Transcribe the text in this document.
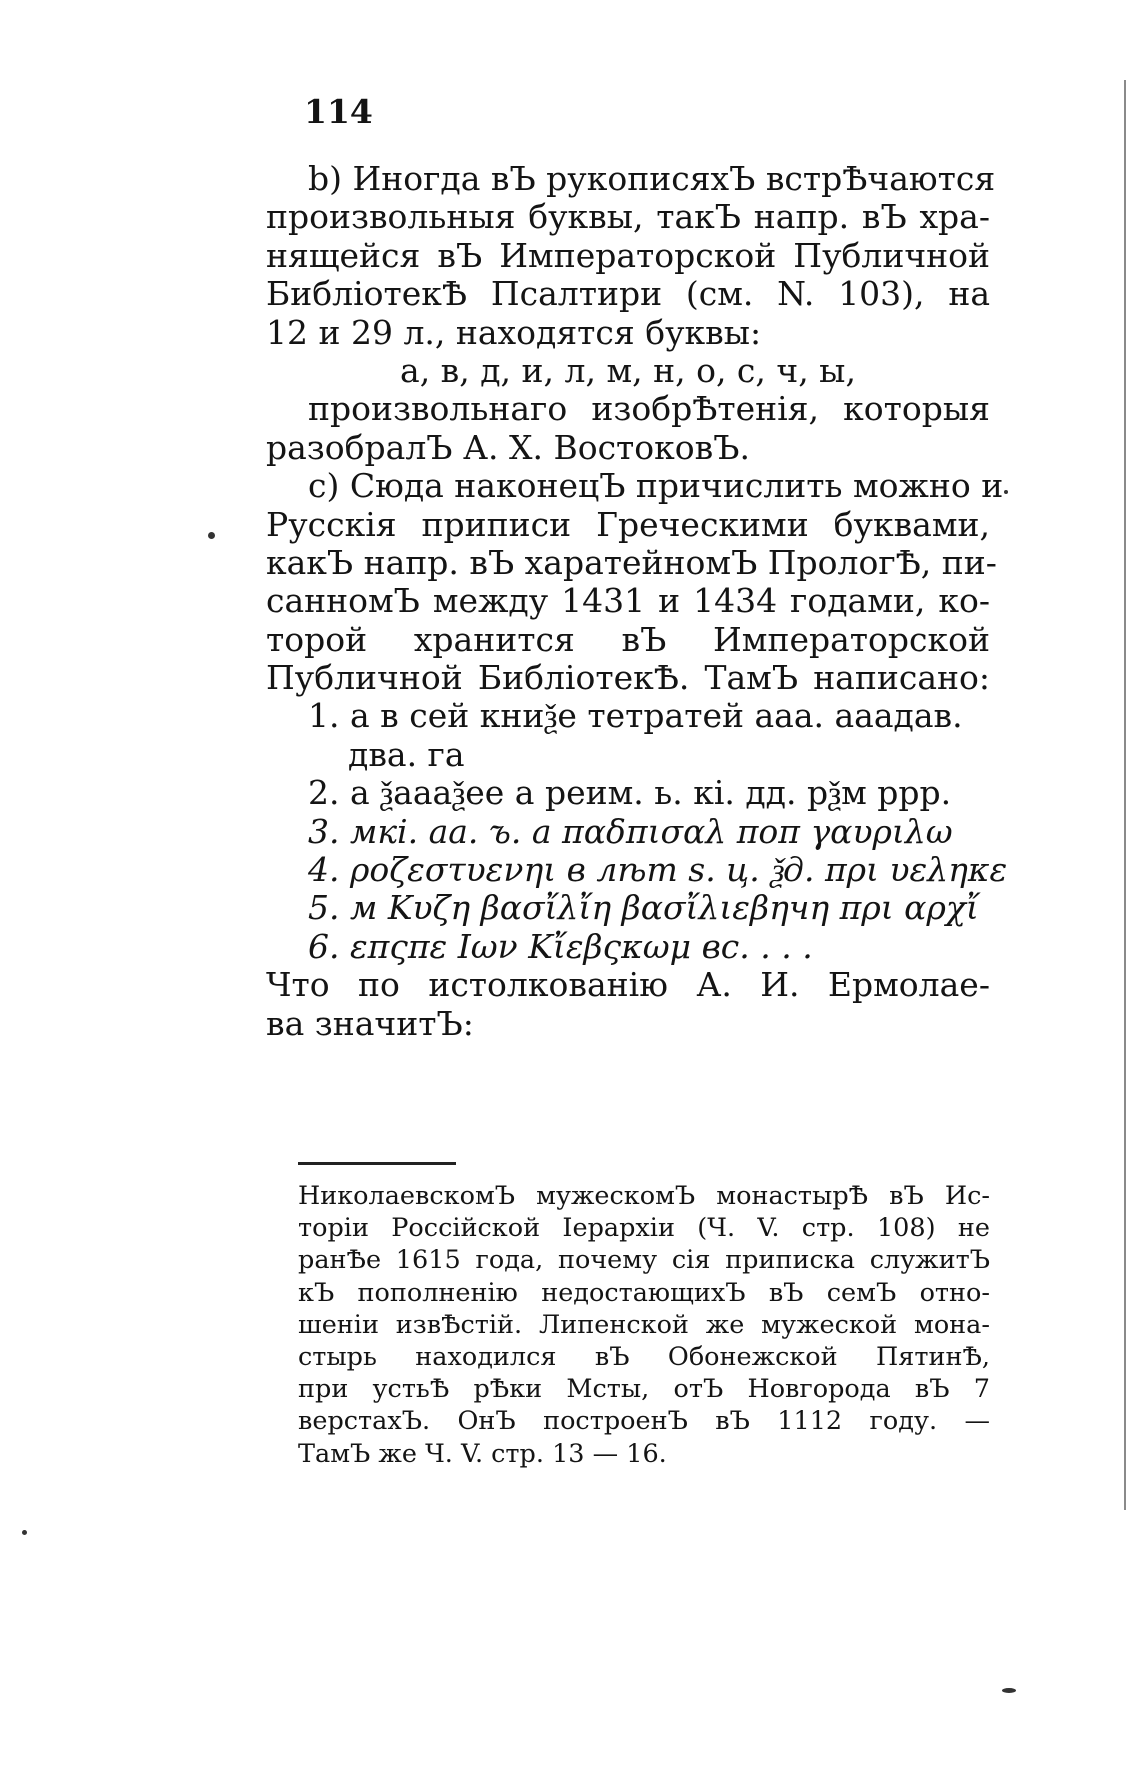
114
b) Иногда вЪ рукописяхЪ встрѢчаются
произвольныя буквы, такЪ напр. вЪ хра-
нящейся вЪ Императорской Публичной
БиблiотекѢ Псалтири (см. N. 103), на
12 и 29 л., находятся буквы:
а, в, д, и, л, м, н, о, с, ч, ы,
произвольнаго изобрѢтенiя, которыя
разобралЪ А. Х. ВостоковЪ.
c) Сюда наконецЪ причислить можно и
Русскiя приписи Греческими буквами,
какЪ напр. вЪ харатейномЪ ПрологѢ, пи-
санномЪ между 1431 и 1434 годами, ко-
торой хранится вЪ Императорской
Публичной БиблiотекѢ. ТамЪ написано:
1. а в сей книѯе тетратей ааа. ааадав.
два. га
2. а ѯаааѯее а реим. ь. кі. дд. рѯм ррр.
3. мкі. аа. ъ. а παδπισαλ ποπ γαυριλω
4. ροζεστυενηι в лѣт ѕ. ц. ѯд. πρι υεληκε
5. м Κυζη βασἴλἴη βασἴλιεβηчη πρι αρχἴ
6. επςπε Ιων Κἴεβςκωμ вс. . . .
Что по истолкованiю А. И. Ермолае-
ва значитЪ:
НиколаевскомЪ мужескомЪ монастырѢ вЪ Ис-
торiи Россiйской Iерархiи (Ч. V. стр. 108) не
ранѢе 1615 года, почему сiя приписка служитЪ
кЪ пополненiю недостающихЪ вЪ семЪ отно-
шенiи извѢстiй. Липенской же мужеской мона-
стырь находился вЪ Обонежской ПятинѢ,
при устьѢ рѢки Мсты, отЪ Новгорода вЪ 7
верстахЪ. ОнЪ построенЪ вЪ 1112 году. —
ТамЪ же Ч. V. стр. 13 — 16.
